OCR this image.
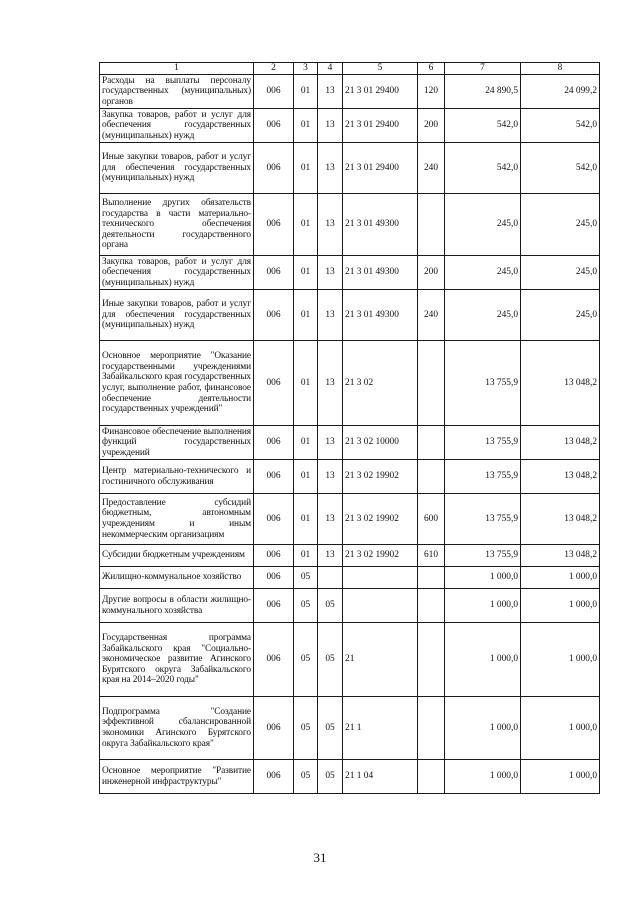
1	2	3	4	5	6	7	8
Расходы на выплаты персоналу государственных (муниципальных) органов	006	01	13	21 3 01 29400	120	24 890,5	24 099,2
Закупка товаров, работ и услуг для обеспечения государственных (муниципальных) нужд	006	01	13	21 3 01 29400	200	542,0	542,0
Иные закупки товаров, работ и услуг для обеспечения государственных (муниципальных) нужд	006	01	13	21 3 01 29400	240	542,0	542,0
Выполнение других обязательств государства в части материально-технического обеспечения деятельности государственного органа	006	01	13	21 3 01 49300		245,0	245,0
Закупка товаров, работ и услуг для обеспечения государственных (муниципальных) нужд	006	01	13	21 3 01 49300	200	245,0	245,0
Иные закупки товаров, работ и услуг для обеспечения государственных (муниципальных) нужд	006	01	13	21 3 01 49300	240	245,0	245,0
Основное мероприятие "Оказание государственными учреждениями Забайкальского края государственных услуг, выполнение работ, финансовое обеспечение деятельности государственных учреждений"	006	01	13	21 3 02		13 755,9	13 048,2
Финансовое обеспечение выполнения функций государственных учреждений	006	01	13	21 3 02 10000		13 755,9	13 048,2
Центр материально-технического и гостиничного обслуживания	006	01	13	21 3 02 19902		13 755,9	13 048,2
Предоставление субсидий бюджетным, автономным учреждениям и иным некоммерческим организациям	006	01	13	21 3 02 19902	600	13 755,9	13 048,2
Субсидии бюджетным учреждениям	006	01	13	21 3 02 19902	610	13 755,9	13 048,2
Жилищно-коммунальное хозяйство	006	05				1 000,0	1 000,0
Другие вопросы в области жилищно-коммунального хозяйства	006	05	05			1 000,0	1 000,0
Государственная программа Забайкальского края "Социально-экономическое развитие Агинского Бурятского округа Забайкальского края на 2014–2020 годы"	006	05	05	21		1 000,0	1 000,0
Подпрограмма "Создание эффективной сбалансированной экономики Агинского Бурятского округа Забайкальского края"	006	05	05	21 1		1 000,0	1 000,0
Основное мероприятие "Развитие инженерной инфраструктуры"	006	05	05	21 1 04		1 000,0	1 000,0
31
